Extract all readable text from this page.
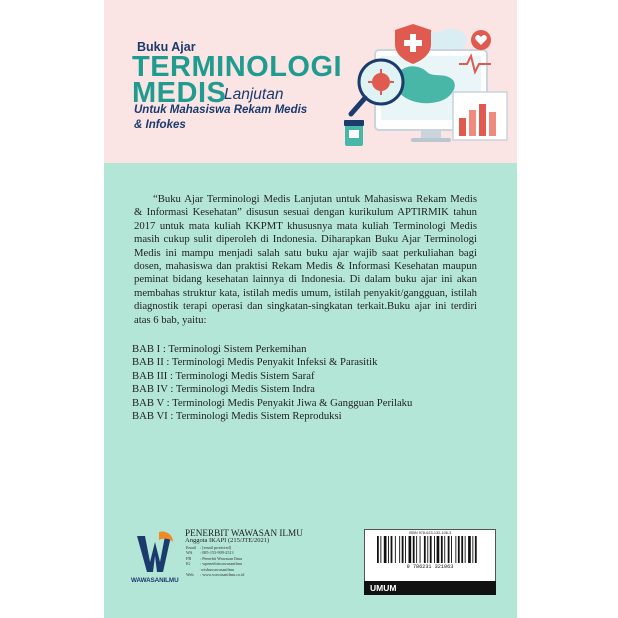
Buku Ajar
TERMINOLOGI
MEDIS
Lanjutan
Untuk Mahasiswa Rekam Medis
& Infokes

“Buku Ajar Terminologi Medis Lanjutan untuk Mahasiswa Rekam Medis & Informasi Kesehatan” disusun sesuai dengan kurikulum APTIRMIK tahun 2017 untuk mata kuliah KKPMT khususnya mata kuliah Terminologi Medis masih cukup sulit diperoleh di Indonesia. Diharapkan Buku Ajar Terminologi Medis ini mampu menjadi salah satu buku ajar wajib saat perkuliahan bagi dosen, mahasiswa dan praktisi Rekam Medis & Informasi Kesehatan maupun peminat bidang kesehatan lainnya di Indonesia. Di dalam buku ajar ini akan membahas struktur kata, istilah medis umum, istilah penyakit/gangguan, istilah diagnostik terapi operasi dan singkatan-singkatan terkait.Buku ajar ini terdiri atas 6 bab, yaitu:

BAB I : Terminologi Sistem Perkemihan
BAB II : Terminologi Medis Penyakit Infeksi & Parasitik
BAB III : Terminologi Medis Sistem Saraf
BAB IV : Terminologi Medis Sistem Indra
BAB V : Terminologi Medis Penyakit Jiwa & Gangguan Perilaku
BAB VI : Terminologi Medis Sistem Reproduksi
WAWASANILMU
PENERBIT WAWASAN ILMU
Anggota IKAPI (215/JTE/2021)
Email : [email protected]
WA : 085-155-909-2513
FB : Penerbit Wawasan Ilmu
IG : wpenerbitwawasanilmu
wisbuwawasanilmu
Web : www.wawasanilmu.co.id
ISBN 978-623-132-106-3
9 786231 321063
UMUM
